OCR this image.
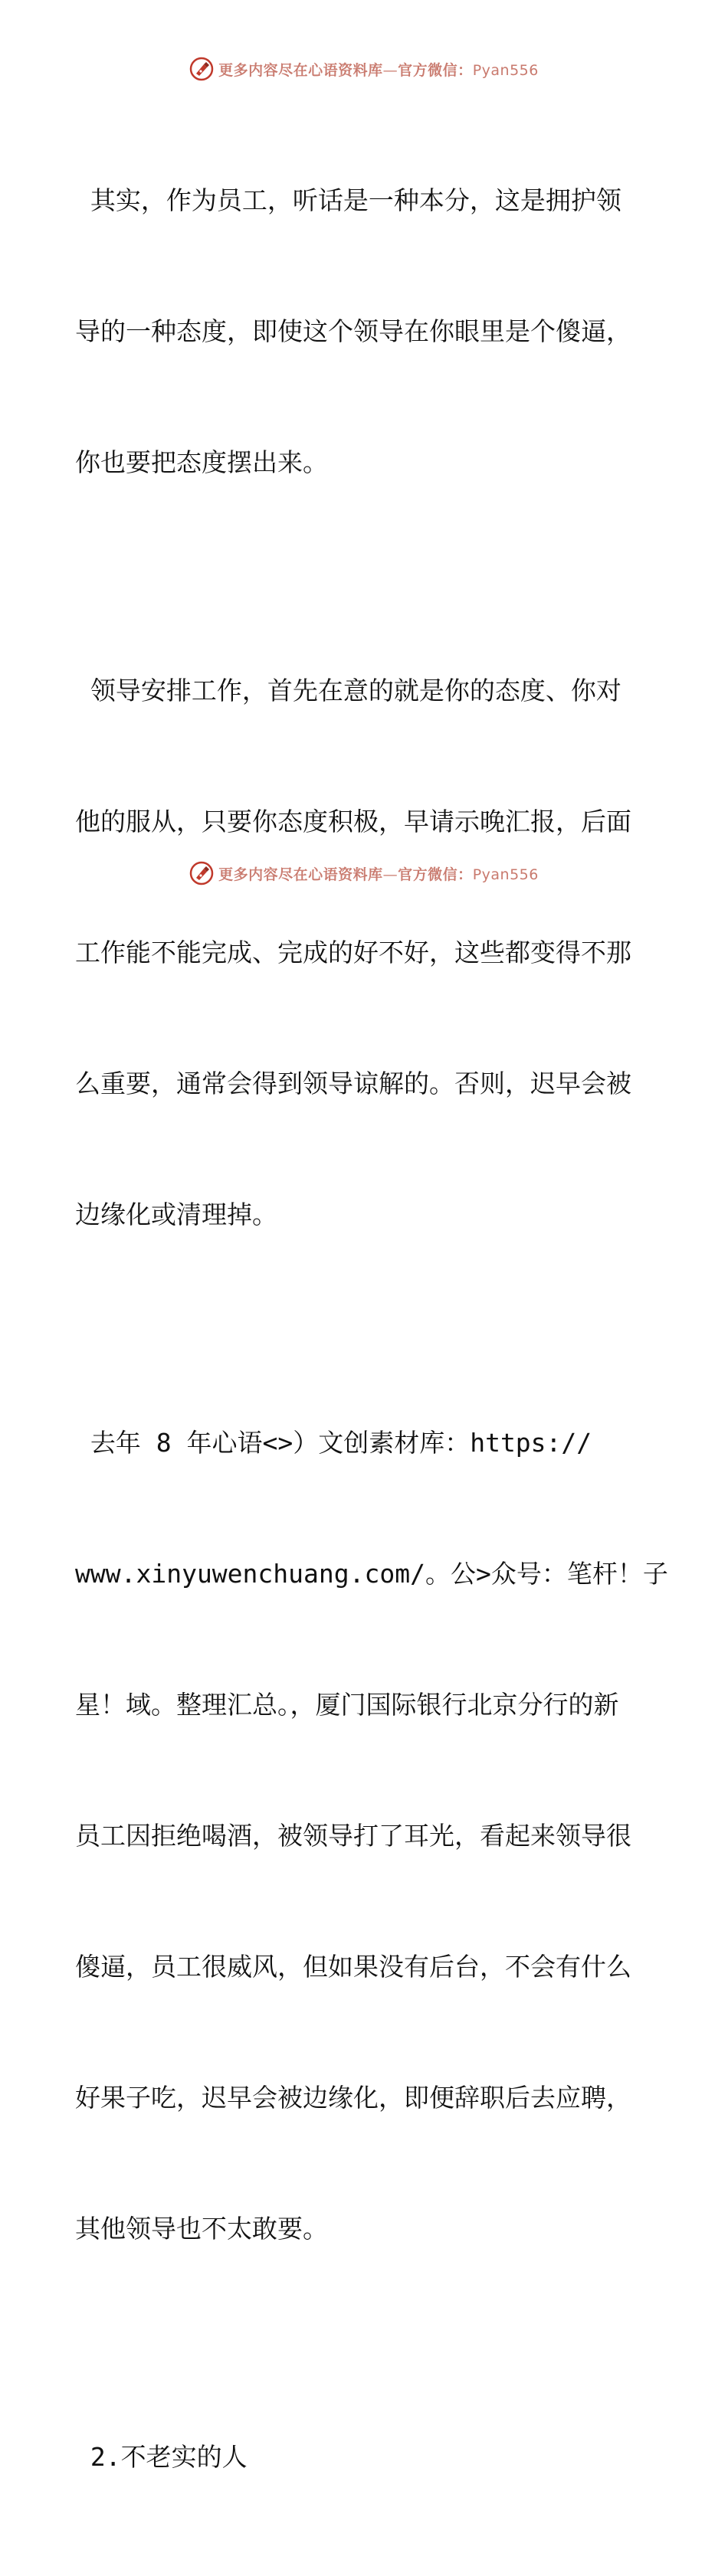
更多内容尽在心语资料库—官方微信：Pyan556

其实，作为员工，听话是一种本分，这是拥护领

导的一种态度，即使这个领导在你眼里是个傻逼，

你也要把态度摆出来。

领导安排工作，首先在意的就是你的态度、你对

他的服从，只要你态度积极，早请示晚汇报，后面

工作能不能完成、完成的好不好，这些都变得不那

么重要，通常会得到领导谅解的。否则，迟早会被

边缘化或清理掉。

去年 8 年心语<>）文创素材库：https://

www.xinyuwenchuang.com/。公>众号：笔杆！子

星！域。整理汇总。，厦门国际银行北京分行的新

员工因拒绝喝酒，被领导打了耳光，看起来领导很

傻逼，员工很威风，但如果没有后台，不会有什么

好果子吃，迟早会被边缘化，即便辞职后去应聘，

其他领导也不太敢要。

2.不老实的人

更多内容尽在心语资料库—官方微信：Pyan556
